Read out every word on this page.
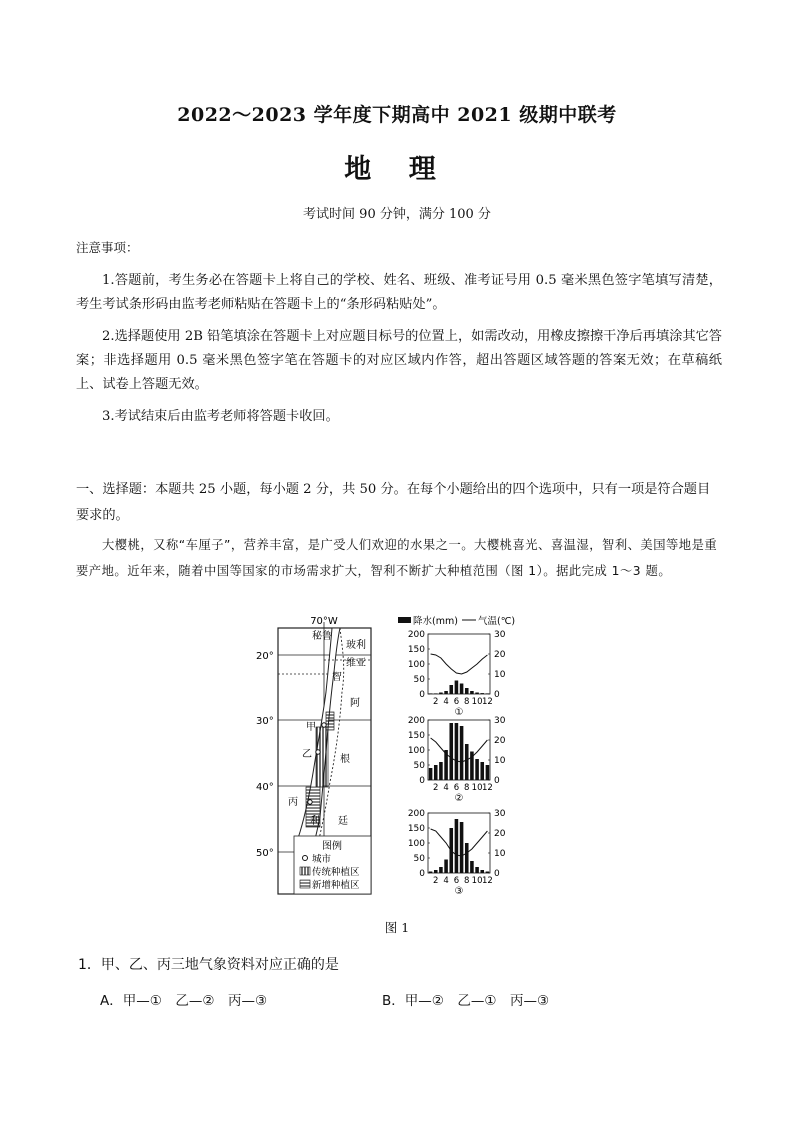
2022～2023 学年度下期高中 2021 级期中联考
地 理
考试时间 90 分钟，满分 100 分
注意事项：
1.答题前，考生务必在答题卡上将自己的学校、姓名、班级、准考证号用 0.5 毫米黑色签字笔填写清楚，考生考试条形码由监考老师粘贴在答题卡上的“条形码粘贴处”。
2.选择题使用 2B 铅笔填涂在答题卡上对应题目标号的位置上，如需改动，用橡皮擦擦干净后再填涂其它答案；非选择题用 0.5 毫米黑色签字笔在答题卡的对应区域内作答，超出答题区域答题的答案无效；在草稿纸上、试卷上答题无效。
3.考试结束后由监考老师将答题卡收回。
一、选择题：本题共 25 小题，每小题 2 分，共 50 分。在每个小题给出的四个选项中，只有一项是符合题目要求的。
大樱桃，又称“车厘子”，营养丰富，是广受人们欢迎的水果之一。大樱桃喜光、喜温湿，智利、美国等地是重要产地。近年来，随着中国等国家的市场需求扩大，智利不断扩大种植范围（图 1）。据此完成 1～3 题。
70°W
20°
30°
40°
50°
秘鲁
玻利
维亚
智
阿
根
廷
甲
乙
丙
利
图例
城市
传统种植区
新增种植区
降水(mm) 气温(℃)
0
50
100
150
200
0
10
20
30
2 4 6 8 10 12
①
0
50
100
150
200
0
10
20
30
2 4 6 8 10 12
②
0
50
100
150
200
0
10
20
30
2 4 6 8 10 12
③
图 1
1．甲、乙、丙三地气象资料对应正确的是
A．甲—①　乙—②　丙—③	B．甲—②　乙—①　丙—③
